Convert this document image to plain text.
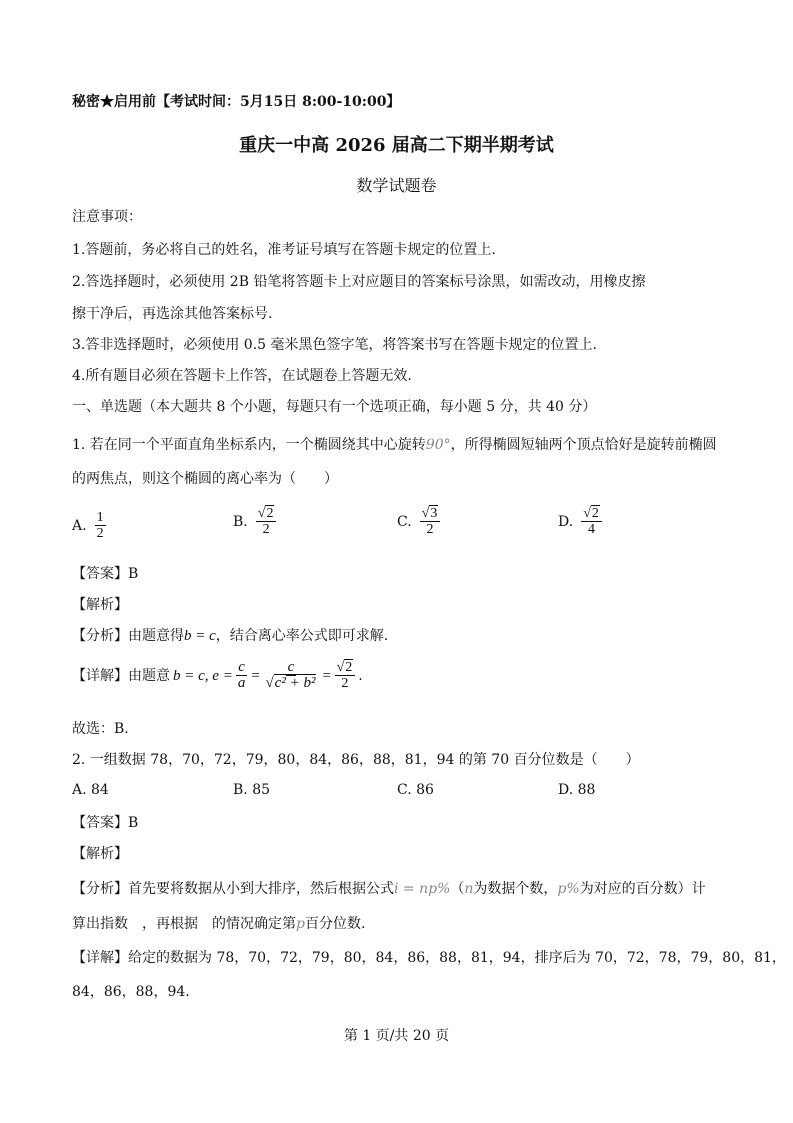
秘密★启用前【考试时间：5月15日 8:00-10:00】
重庆一中高 2026 届高二下期半期考试
数学试题卷
注意事项：
1.答题前，务必将自己的姓名，准考证号填写在答题卡规定的位置上.
2.答选择题时，必须使用 2B 铅笔将答题卡上对应题目的答案标号涂黑，如需改动，用橡皮擦
擦干净后，再选涂其他答案标号.
3.答非选择题时，必须使用 0.5 毫米黑色签字笔，将答案书写在答题卡规定的位置上.
4.所有题目必须在答题卡上作答，在试题卷上答题无效.
一、单选题（本大题共 8 个小题，每题只有一个选项正确，每小题 5 分，共 40 分）
1. 若在同一个平面直角坐标系内，一个椭圆绕其中心旋转90°，所得椭圆短轴两个顶点恰好是旋转前椭圆
的两焦点，则这个椭圆的离心率为（　　）
A. $\frac{1}{2}$	B. $\frac{√2}{2}$	C. $\frac{√3}{2}$	D. $\frac{√2}{4}$
【答案】B
【解析】
【分析】由题意得b = c，结合离心率公式即可求解.
【详解】由题意 b = c, $e = \frac{c}{a} = \frac{c}{\text{√c² + b²}} = \frac{√2}{2}$ .
故选：B.
2. 一组数据 78，70，72，79，80，84，86，88，81，94 的第 70 百分位数是（　　）
A. 84	B. 85	C. 86	D. 88
【答案】B
【解析】
【分析】首先要将数据从小到大排序，然后根据公式i = np%（n为数据个数，p%为对应的百分数）计
算出指数　，再根据　的情况确定第p百分位数.
【详解】给定的数据为 78，70，72，79，80，84，86，88，81，94，排序后为 70，72，78，79，80，81，
84，86，88，94.
第 1 页/共 20 页
